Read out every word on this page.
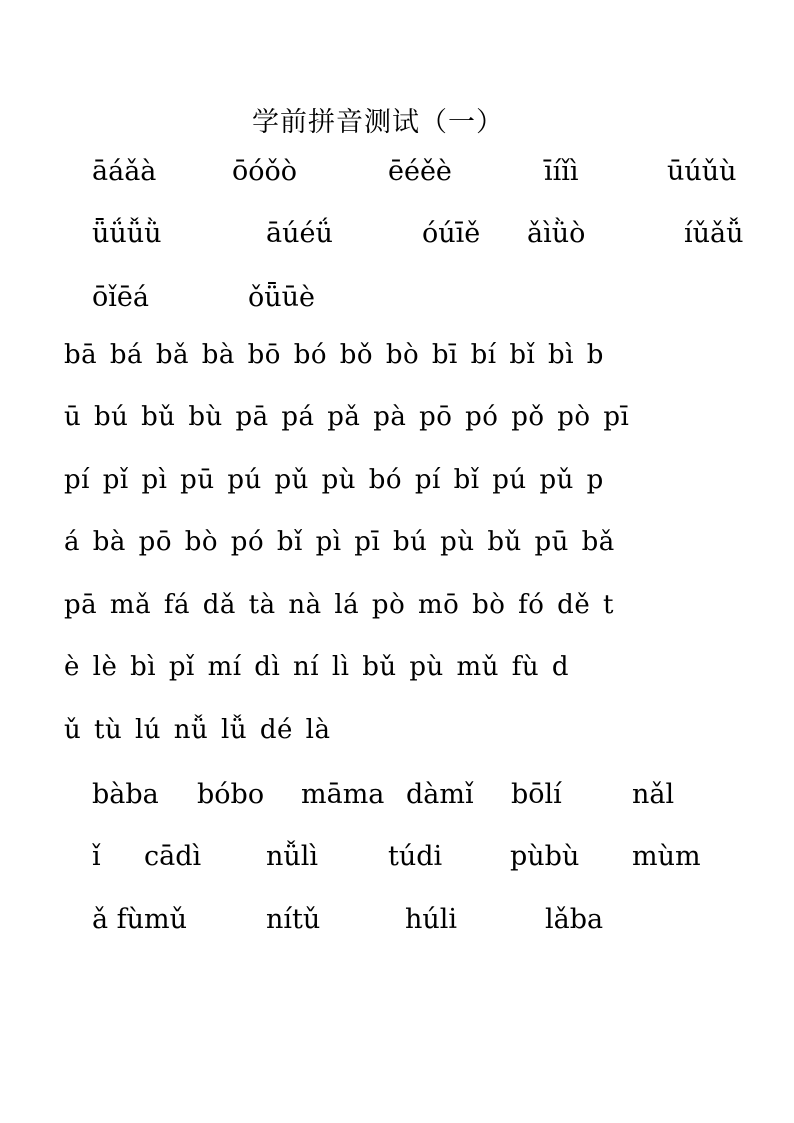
学前拼音测试（一）
āáǎà	ōóǒò	ēéěè	īíǐì	ūúǔù
ǖǘǚǜ	āúéǘ	óúīě ǎìǜò	íǔǎǚ
ōǐēá	ǒǖūè
bā bá bǎ bà bō bó bǒ bò bī bí bǐ bì b
ū bú bǔ bù pā pá pǎ pà pō pó pǒ pò pī
pí pǐ pì pū pú pǔ pù bó pí bǐ pú pǔ p
á bà pō bò pó bǐ pì pī bú pù bǔ pū bǎ
pā mǎ fá dǎ tà nà lá pò mō bò fó dě t
è lè bì pǐ mí dì ní lì bǔ pù mǔ fù d
ǔ tù lú nǚ lǚ dé là
bàba bóbo māma dàmǐ bōlí	nǎl
ǐ cādì nǚlì	túdi	pùbù mùm
ǎ fùmǔ	nítǔ	húli	lǎba
